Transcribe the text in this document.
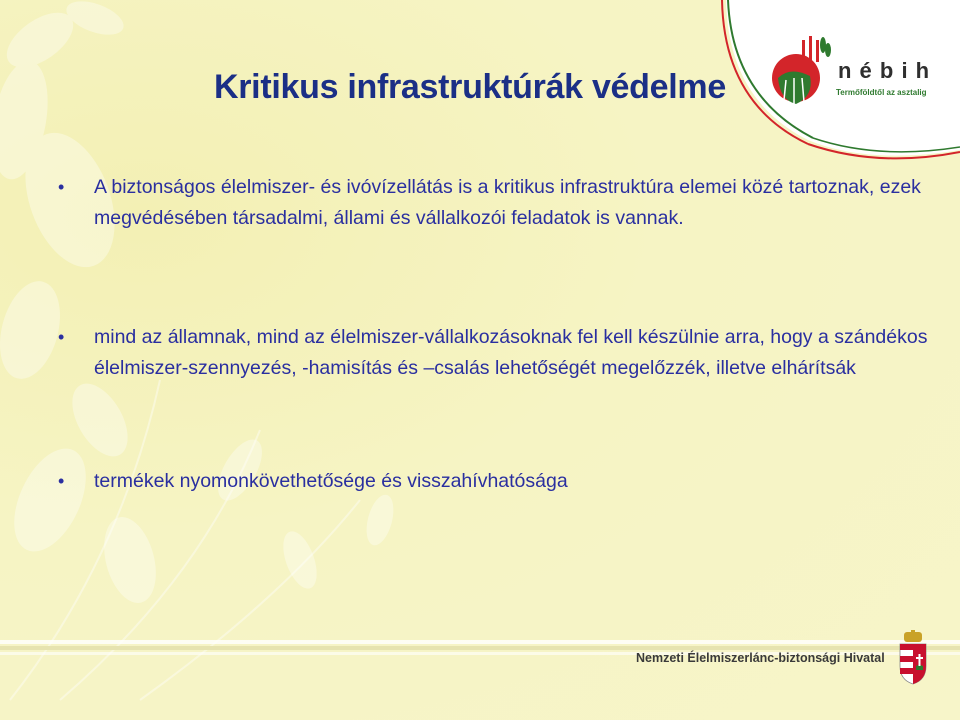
n é b i h
Termőföldtől az asztalig
Kritikus infrastruktúrák védelme
• A biztonságos élelmiszer- és ivóvízellátás is a kritikus infrastruktúra elemei közé tartoznak, ezek megvédésében társadalmi, állami és vállalkozói feladatok is vannak.
• mind az államnak, mind az élelmiszer-vállalkozásoknak fel kell készülnie arra, hogy a szándékos élelmiszer-szennyezés, -hamisítás és –csalás lehetőségét megelőzzék, illetve elhárítsák
• termékek nyomonkövethetősége és visszahívhatósága
Nemzeti Élelmiszerlánc-biztonsági Hivatal
